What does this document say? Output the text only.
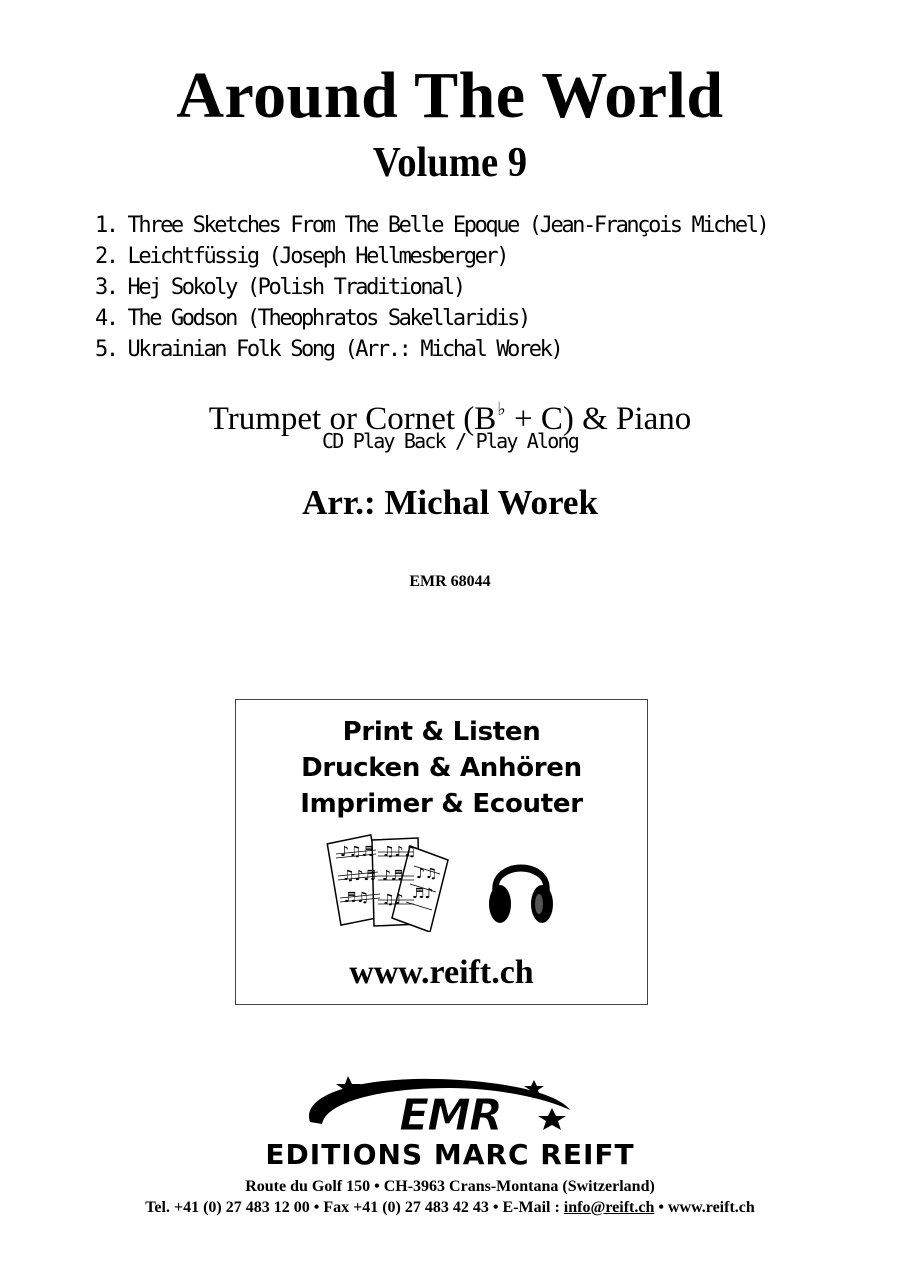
Around The World
Volume 9
1. Three Sketches From The Belle Epoque (Jean-François Michel)
2. Leichtfüssig (Joseph Hellmesberger)
3. Hej Sokoly (Polish Traditional)
4. The Godson (Theophratos Sakellaridis)
5. Ukrainian Folk Song (Arr.: Michal Worek)
Trumpet or Cornet (B♭ + C) & Piano
CD Play Back / Play Along
Arr.: Michal Worek
EMR 68044
Print & Listen
Drucken & Anhören
Imprimer & Ecouter
♪♫♬
♫♪♬
♬♫
♫♪♫
♪♬
♫♪
♪♫
♬♪
www.reift.ch
EMR
EDITIONS MARC REIFT
Route du Golf 150 • CH-3963 Crans-Montana (Switzerland)
Tel. +41 (0) 27 483 12 00 • Fax +41 (0) 27 483 42 43 • E-Mail : info@reift.ch • www.reift.ch
